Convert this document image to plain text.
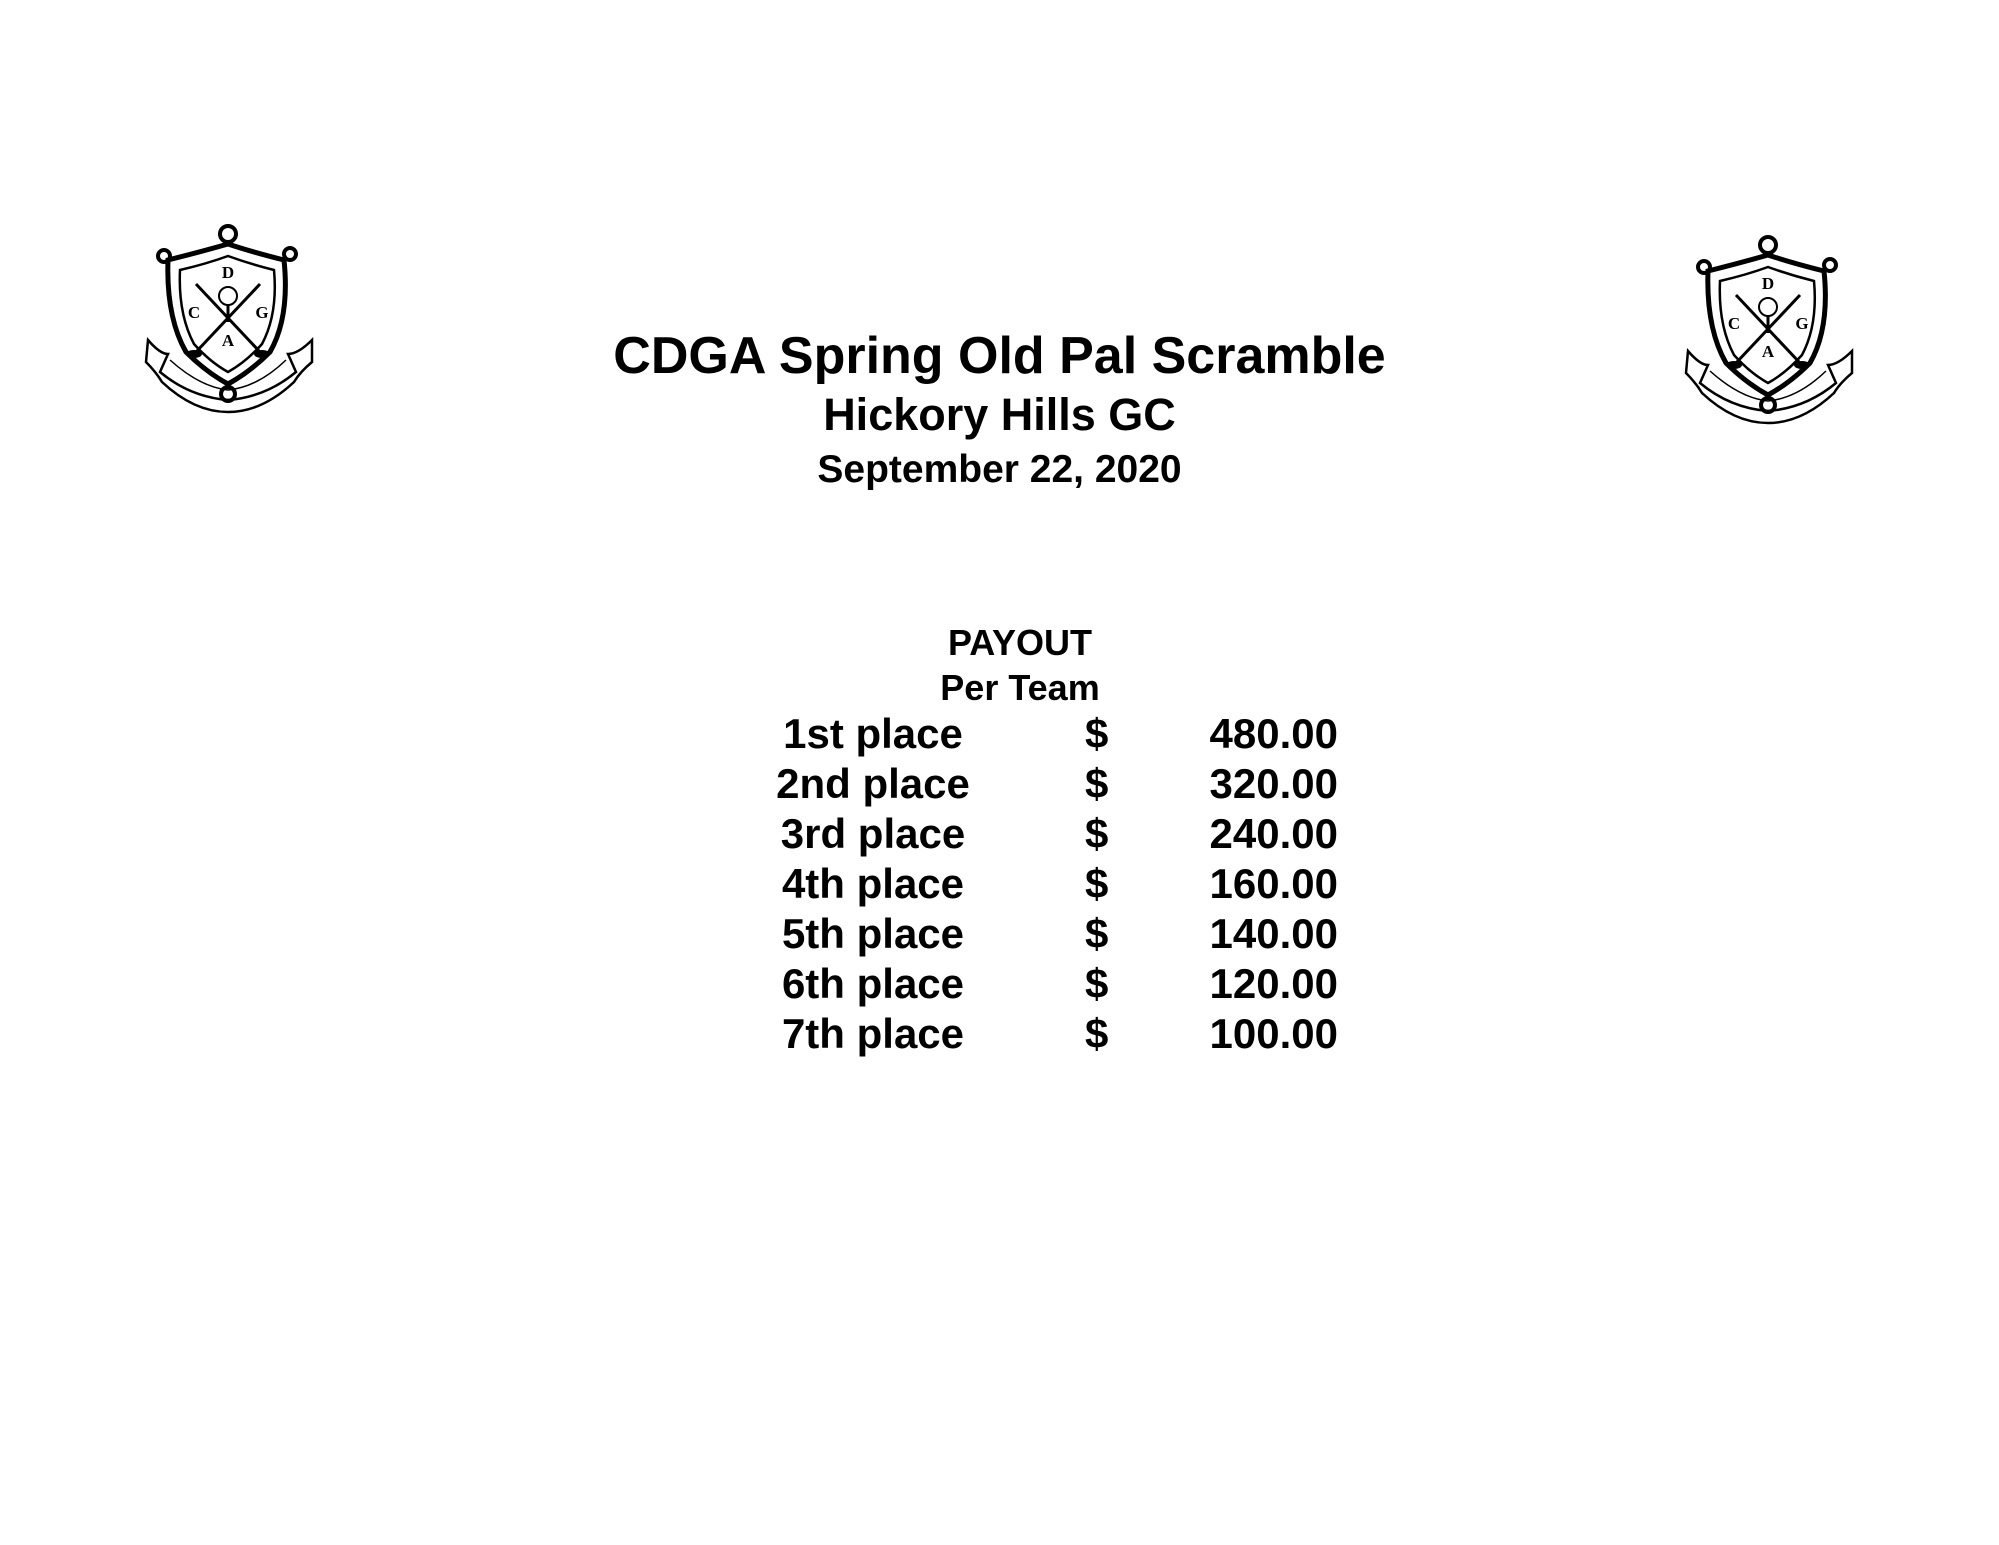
D
C	G
A
D
C	G
A
CDGA Spring Old Pal Scramble
Hickory Hills GC
September 22, 2020
PAYOUT
Per Team
1st place	$ 480.00
2nd place	$ 320.00
3rd place	$ 240.00
4th place	$ 160.00
5th place	$ 140.00
6th place	$ 120.00
7th place	$ 100.00
